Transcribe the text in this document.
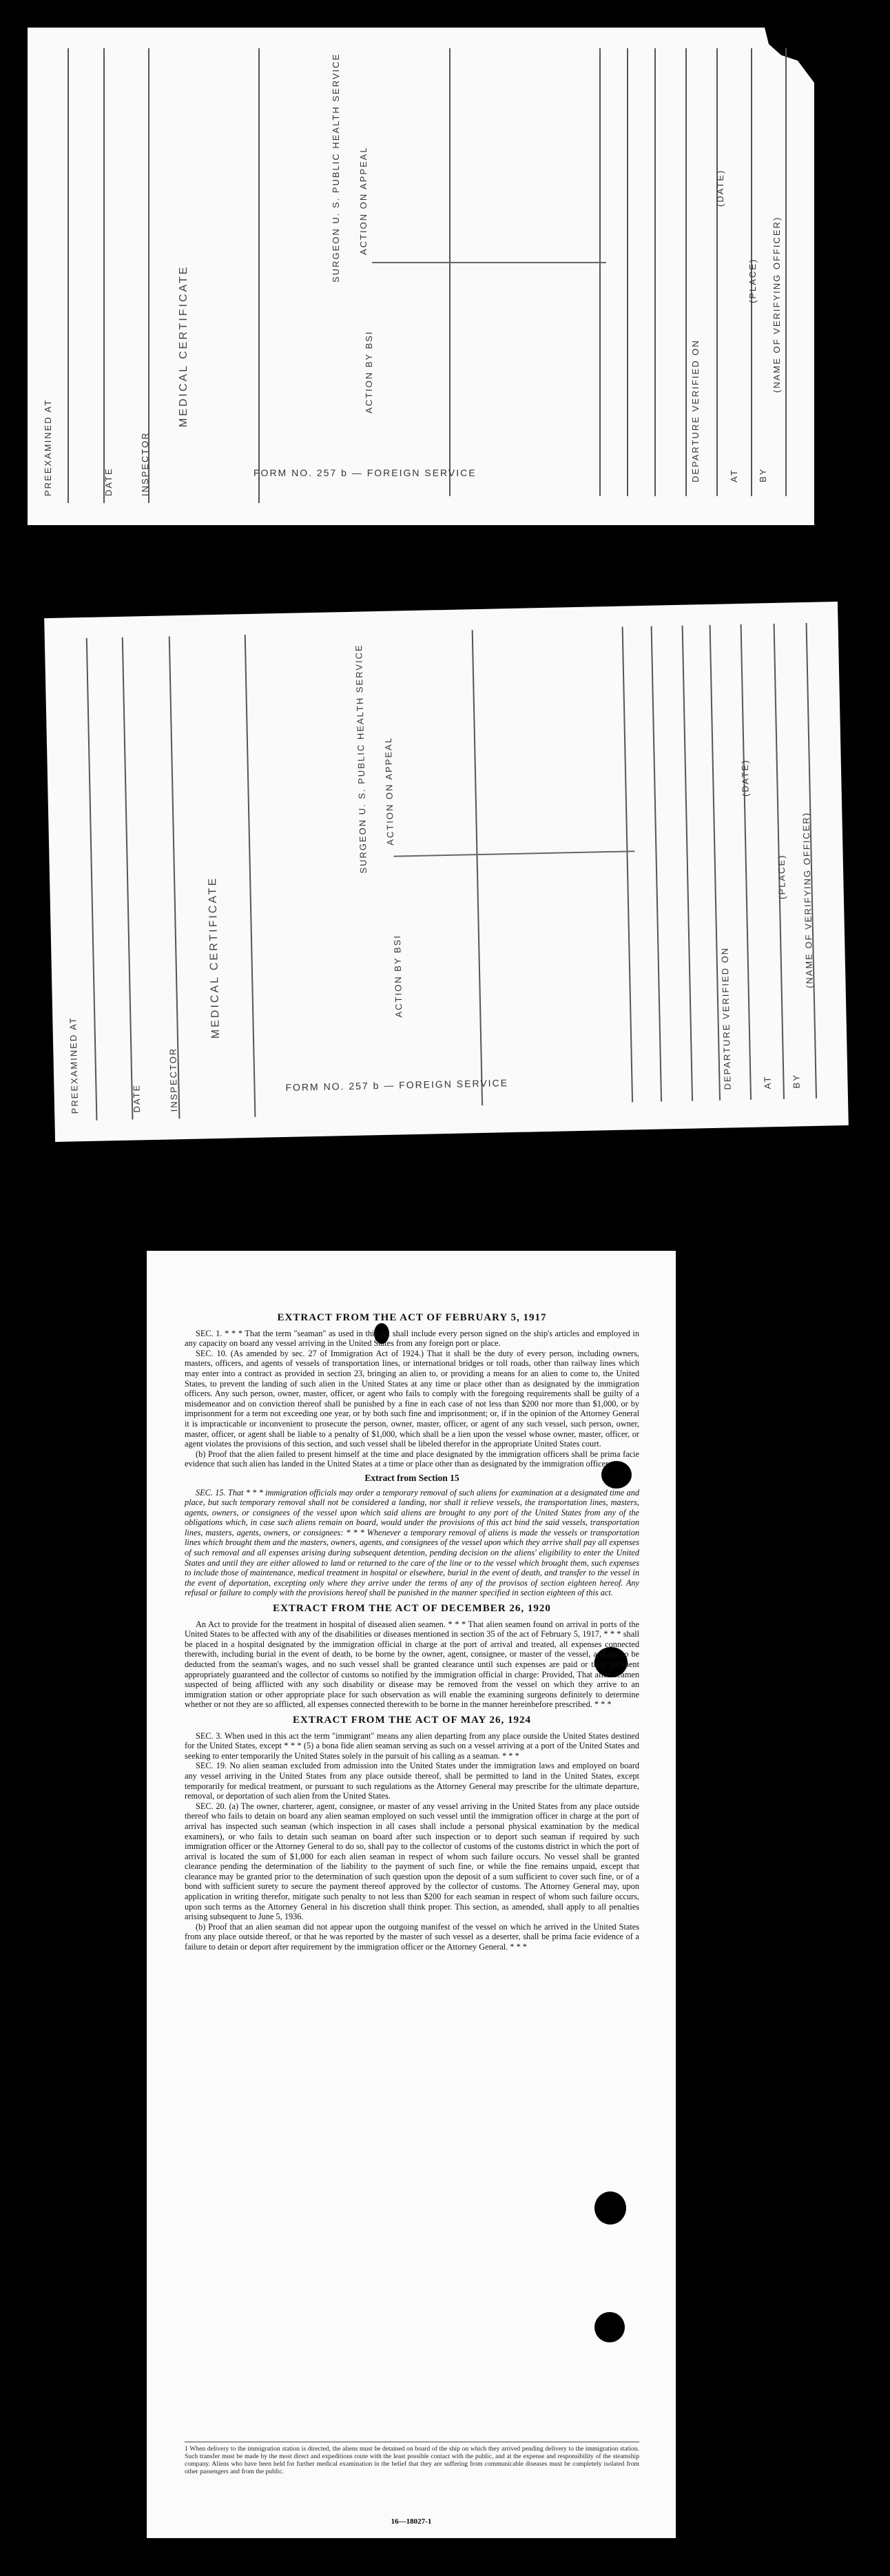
PREEXAMINED AT	DATE	INSPECTOR
MEDICAL CERTIFICATE
SURGEON U. S. PUBLIC HEALTH SERVICE ACTION ON APPEAL
ACTION BY BSI
FORM NO. 257 b — FOREIGN SERVICE	DEPARTURE VERIFIED ON	AT BY
(DATE)
(PLACE) (NAME OF VERIFYING OFFICER)
PREEXAMINED AT	DATE	INSPECTOR
MEDICAL CERTIFICATE
SURGEON U. S. PUBLIC HEALTH SERVICE ACTION ON APPEAL
ACTION BY BSI
FORM NO. 257 b — FOREIGN SERVICE	DEPARTURE VERIFIED ON	AT BY
(DATE)
(PLACE) (NAME OF VERIFYING OFFICER)
EXTRACT FROM THE ACT OF FEBRUARY 5, 1917

SEC. 1. * * * That the term "seaman" as used in this act shall include every person signed on the ship's articles and employed in any capacity on board any vessel arriving in the United States from any foreign port or place.

SEC. 10. (As amended by sec. 27 of Immigration Act of 1924.) That it shall be the duty of every person, including owners, masters, officers, and agents of vessels of transportation lines, or international bridges or toll roads, other than railway lines which may enter into a contract as provided in section 23, bringing an alien to, or providing a means for an alien to come to, the United States, to prevent the landing of such alien in the United States at any time or place other than as designated by the immigration officers. Any such person, owner, master, officer, or agent who fails to comply with the foregoing requirements shall be guilty of a misdemeanor and on conviction thereof shall be punished by a fine in each case of not less than $200 nor more than $1,000, or by imprisonment for a term not exceeding one year, or by both such fine and imprisonment; or, if in the opinion of the Attorney General it is impracticable or inconvenient to prosecute the person, owner, master, officer, or agent of any such vessel, such person, owner, master, officer, or agent shall be liable to a penalty of $1,000, which shall be a lien upon the vessel whose owner, master, officer, or agent violates the provisions of this section, and such vessel shall be libeled therefor in the appropriate United States court.

(b) Proof that the alien failed to present himself at the time and place designated by the immigration officers shall be prima facie evidence that such alien has landed in the United States at a time or place other than as designated by the immigration officers.

Extract from Section 15

SEC. 15. That * * * immigration officials may order a temporary removal of such aliens for examination at a designated time and place, but such temporary removal shall not be considered a landing, nor shall it relieve vessels, the transportation lines, masters, agents, owners, or consignees of the vessel upon which said aliens are brought to any port of the United States from any of the obligations which, in case such aliens remain on board, would under the provisions of this act bind the said vessels, transportation lines, masters, agents, owners, or consignees: * * * Whenever a temporary removal of aliens is made the vessels or transportation lines which brought them and the masters, owners, agents, and consignees of the vessel upon which they arrive shall pay all expenses of such removal and all expenses arising during subsequent detention, pending decision on the aliens' eligibility to enter the United States and until they are either allowed to land or returned to the care of the line or to the vessel which brought them, such expenses to include those of maintenance, medical treatment in hospital or elsewhere, burial in the event of death, and transfer to the vessel in the event of deportation, excepting only where they arrive under the terms of any of the provisos of section eighteen hereof. Any refusal or failure to comply with the provisions hereof shall be punished in the manner specified in section eighteen of this act.

EXTRACT FROM THE ACT OF DECEMBER 26, 1920

An Act to provide for the treatment in hospital of diseased alien seamen. * * * That alien seamen found on arrival in ports of the United States to be affected with any of the disabilities or diseases mentioned in section 35 of the act of February 5, 1917, * * * shall be placed in a hospital designated by the immigration official in charge at the port of arrival and treated, all expenses connected therewith, including burial in the event of death, to be borne by the owner, agent, consignee, or master of the vessel, and not to be deducted from the seaman's wages, and no such vessel shall be granted clearance until such expenses are paid or their payment appropriately guaranteed and the collector of customs so notified by the immigration official in charge: Provided, That alien seamen suspected of being afflicted with any such disability or disease may be removed from the vessel on which they arrive to an immigration station or other appropriate place for such observation as will enable the examining surgeons definitely to determine whether or not they are so afflicted, all expenses connected therewith to be borne in the manner hereinbefore prescribed. * * *

EXTRACT FROM THE ACT OF MAY 26, 1924

SEC. 3. When used in this act the term "immigrant" means any alien departing from any place outside the United States destined for the United States, except * * * (5) a bona fide alien seaman serving as such on a vessel arriving at a port of the United States and seeking to enter temporarily the United States solely in the pursuit of his calling as a seaman. * * *

SEC. 19. No alien seaman excluded from admission into the United States under the immigration laws and employed on board any vessel arriving in the United States from any place outside thereof, shall be permitted to land in the United States, except temporarily for medical treatment, or pursuant to such regulations as the Attorney General may prescribe for the ultimate departure, removal, or deportation of such alien from the United States.

SEC. 20. (a) The owner, charterer, agent, consignee, or master of any vessel arriving in the United States from any place outside thereof who fails to detain on board any alien seaman employed on such vessel until the immigration officer in charge at the port of arrival has inspected such seaman (which inspection in all cases shall include a personal physical examination by the medical examiners), or who fails to detain such seaman on board after such inspection or to deport such seaman if required by such immigration officer or the Attorney General to do so, shall pay to the collector of customs of the customs district in which the port of arrival is located the sum of $1,000 for each alien seaman in respect of whom such failure occurs. No vessel shall be granted clearance pending the determination of the liability to the payment of such fine, or while the fine remains unpaid, except that clearance may be granted prior to the determination of such question upon the deposit of a sum sufficient to cover such fine, or of a bond with sufficient surety to secure the payment thereof approved by the collector of customs. The Attorney General may, upon application in writing therefor, mitigate such penalty to not less than $200 for each seaman in respect of whom such failure occurs, upon such terms as the Attorney General in his discretion shall think proper. This section, as amended, shall apply to all penalties arising subsequent to June 5, 1936.

(b) Proof that an alien seaman did not appear upon the outgoing manifest of the vessel on which he arrived in the United States from any place outside thereof, or that he was reported by the master of such vessel as a deserter, shall be prima facie evidence of a failure to detain or deport after requirement by the immigration officer or the Attorney General. * * *

1 When delivery to the immigration station is directed, the aliens must be detained on board of the ship on which they arrived pending delivery to the immigration station. Such transfer must be made by the most direct and expeditious route with the least possible contact with the public, and at the expense and responsibility of the steamship company. Aliens who have been held for further medical examination in the belief that they are suffering from communicable diseases must be completely isolated from other passengers and from the public.
16—18027-1
